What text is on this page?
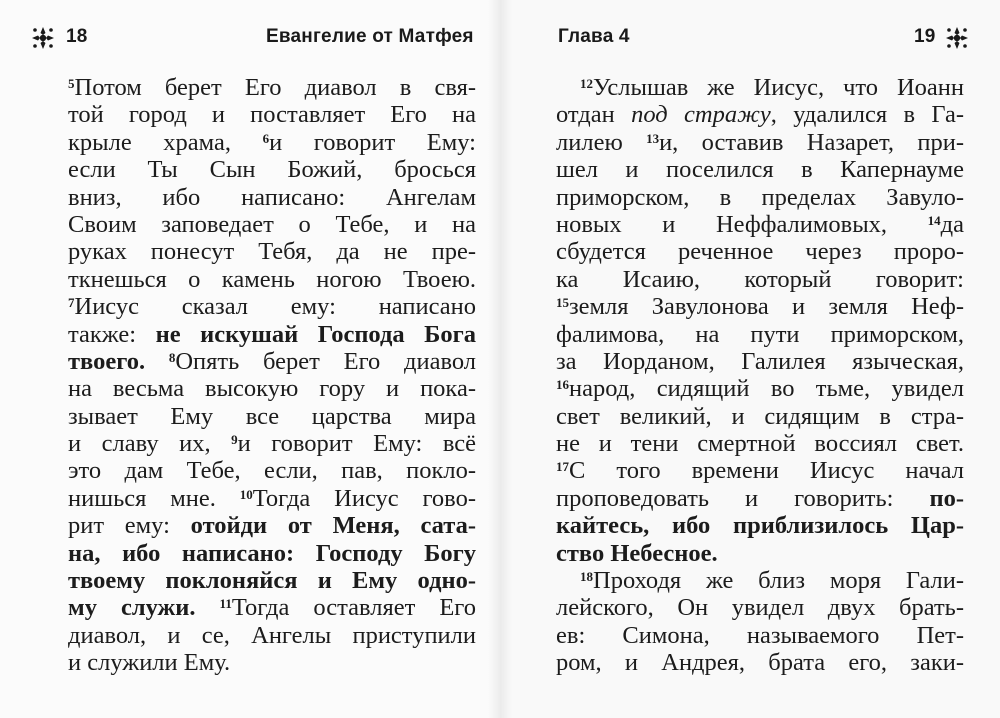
18	Евангелие от Матфея	Глава 4	19
$^5$Потом берет Его диавол в свя-
той город и поставляет Его на
крыле храма, $^6$и говорит Ему:
если Ты Сын Божий, бросься
вниз, ибо написано: Ангелам
Своим заповедает о Тебе, и на
руках понесут Тебя, да не пре-
ткнешься о камень ногою Твоею.
$^7$Иисус сказал ему: написано
также: не искушай Господа Бога
твоего. $^8$Опять берет Его диавол
на весьма высокую гору и пока-
зывает Ему все царства мира
и славу их, $^9$и говорит Ему: всё
это дам Тебе, если, пав, покло-
нишься мне. $^{10}$Тогда Иисус гово-
рит ему: отойди от Меня, сата-
на, ибо написано: Господу Богу
твоему поклоняйся и Ему одно-
му служи. $^{11}$Тогда оставляет Его
диавол, и се, Ангелы приступили
и служили Ему.
$^{12}$Услышав же Иисус, что Иоанн
отдан под стражу, удалился в Га-
лилею $^{13}$и, оставив Назарет, при-
шел и поселился в Капернауме
приморском, в пределах Завуло-
новых и Неффалимовых, $^{14}$да
сбудется реченное через проро-
ка Исаию, который говорит:
$^{15}$земля Завулонова и земля Неф-
фалимова, на пути приморском,
за Иорданом, Галилея языческая,
$^{16}$народ, сидящий во тьме, увидел
свет великий, и сидящим в стра-
не и тени смертной воссиял свет.
$^{17}$С того времени Иисус начал
проповедовать и говорить: по-
кайтесь, ибо приблизилось Цар-
ство Небесное.
$^{18}$Проходя же близ моря Гали-
лейского, Он увидел двух брать-
ев: Симона, называемого Пет-
ром, и Андрея, брата его, заки-
